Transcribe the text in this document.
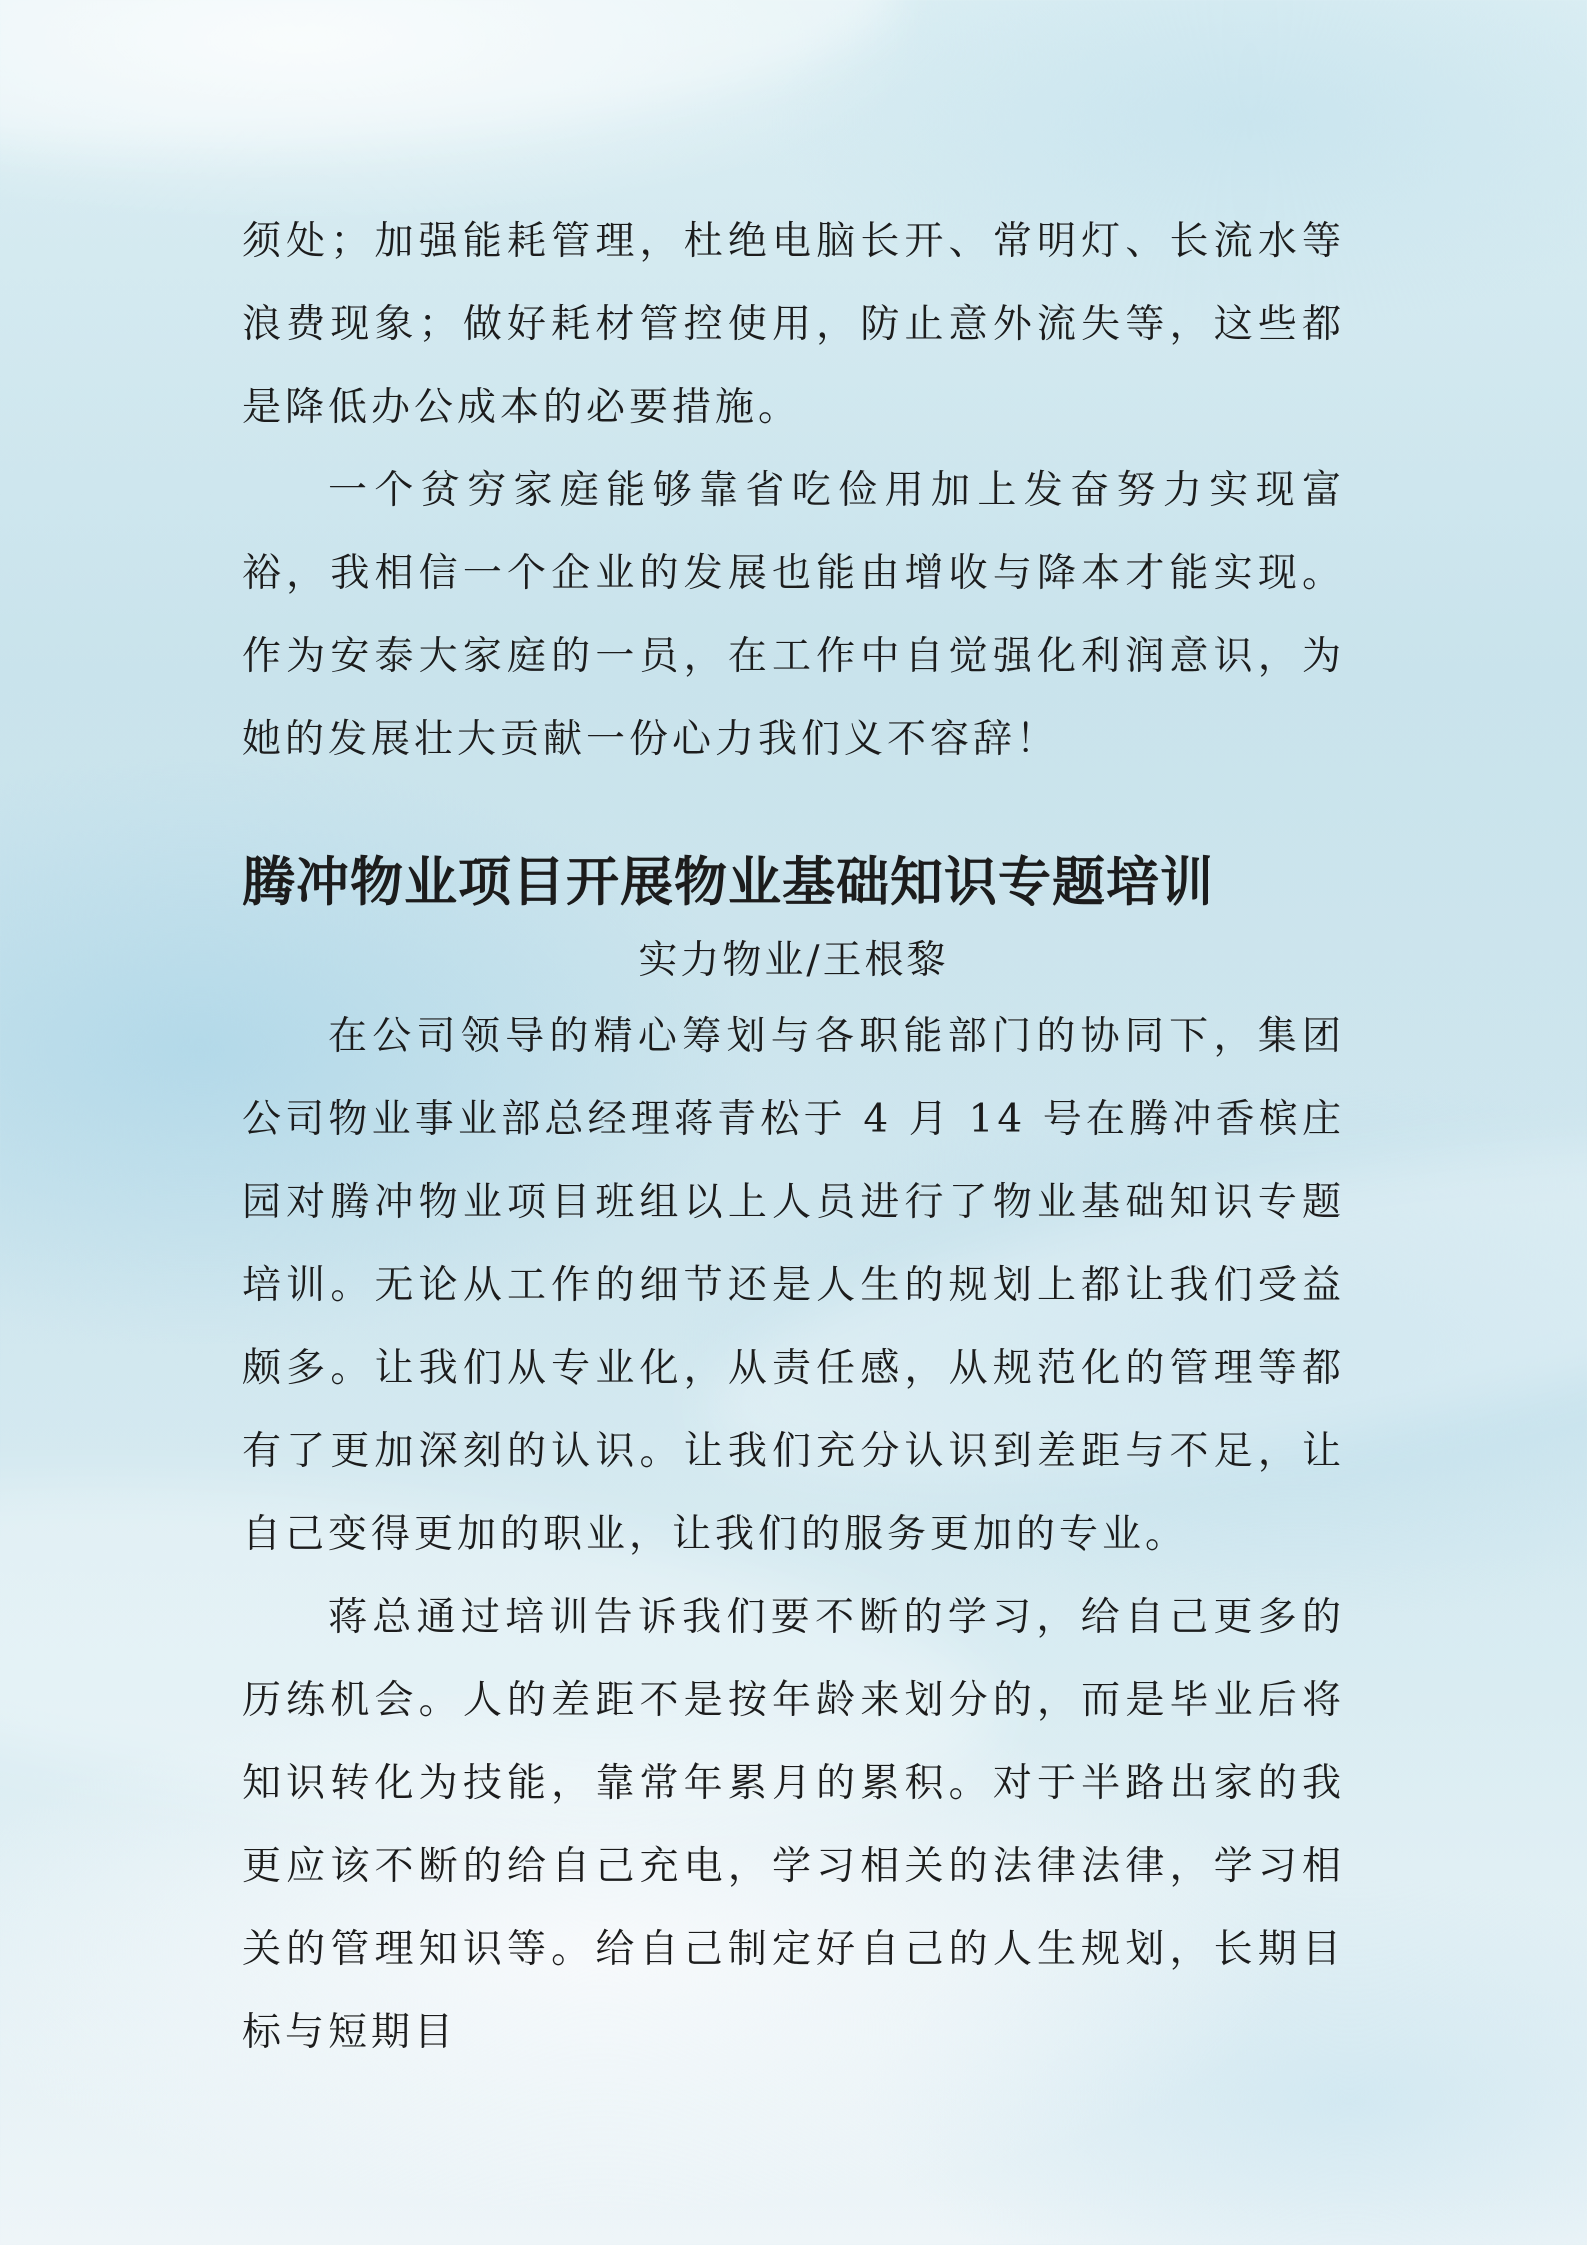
须处；加强能耗管理，杜绝电脑长开、常明灯、长流水等浪费现象；做好耗材管控使用，防止意外流失等，这些都是降低办公成本的必要措施。

一个贫穷家庭能够靠省吃俭用加上发奋努力实现富裕，我相信一个企业的发展也能由增收与降本才能实现。作为安泰大家庭的一员，在工作中自觉强化利润意识，为她的发展壮大贡献一份心力我们义不容辞！

腾冲物业项目开展物业基础知识专题培训

实力物业/王根黎

在公司领导的精心筹划与各职能部门的协同下，集团公司物业事业部总经理蒋青松于 4 月 14 号在腾冲香槟庄园对腾冲物业项目班组以上人员进行了物业基础知识专题培训。无论从工作的细节还是人生的规划上都让我们受益颇多。让我们从专业化，从责任感，从规范化的管理等都有了更加深刻的认识。让我们充分认识到差距与不足，让自己变得更加的职业，让我们的服务更加的专业。

蒋总通过培训告诉我们要不断的学习，给自己更多的历练机会。人的差距不是按年龄来划分的，而是毕业后将知识转化为技能，靠常年累月的累积。对于半路出家的我更应该不断的给自己充电，学习相关的法律法律，学习相关的管理知识等。给自己制定好自己的人生规划，长期目标与短期目
